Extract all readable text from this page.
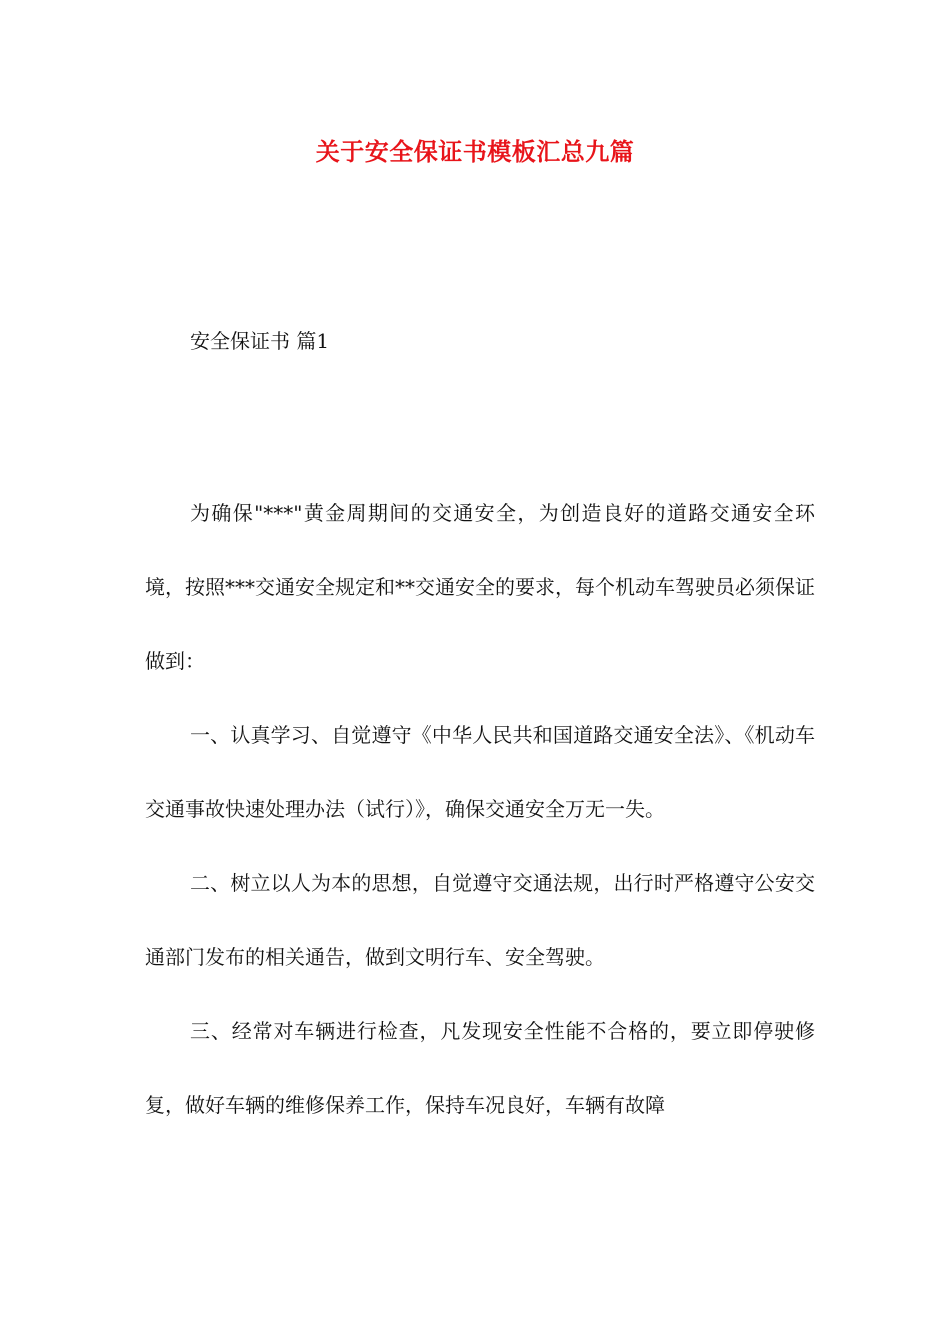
关于安全保证书模板汇总九篇
安全保证书 篇1

为确保"***"黄金周期间的交通安全，为创造良好的道路交通安全环境，按照***交通安全规定和**交通安全的要求，每个机动车驾驶员必须保证做到：

一、认真学习、自觉遵守《中华人民共和国道路交通安全法》、《机动车交通事故快速处理办法（试行）》，确保交通安全万无一失。

二、树立以人为本的思想，自觉遵守交通法规，出行时严格遵守公安交通部门发布的相关通告，做到文明行车、安全驾驶。

三、经常对车辆进行检查，凡发现安全性能不合格的，要立即停驶修复，做好车辆的维修保养工作，保持车况良好，车辆有故障
